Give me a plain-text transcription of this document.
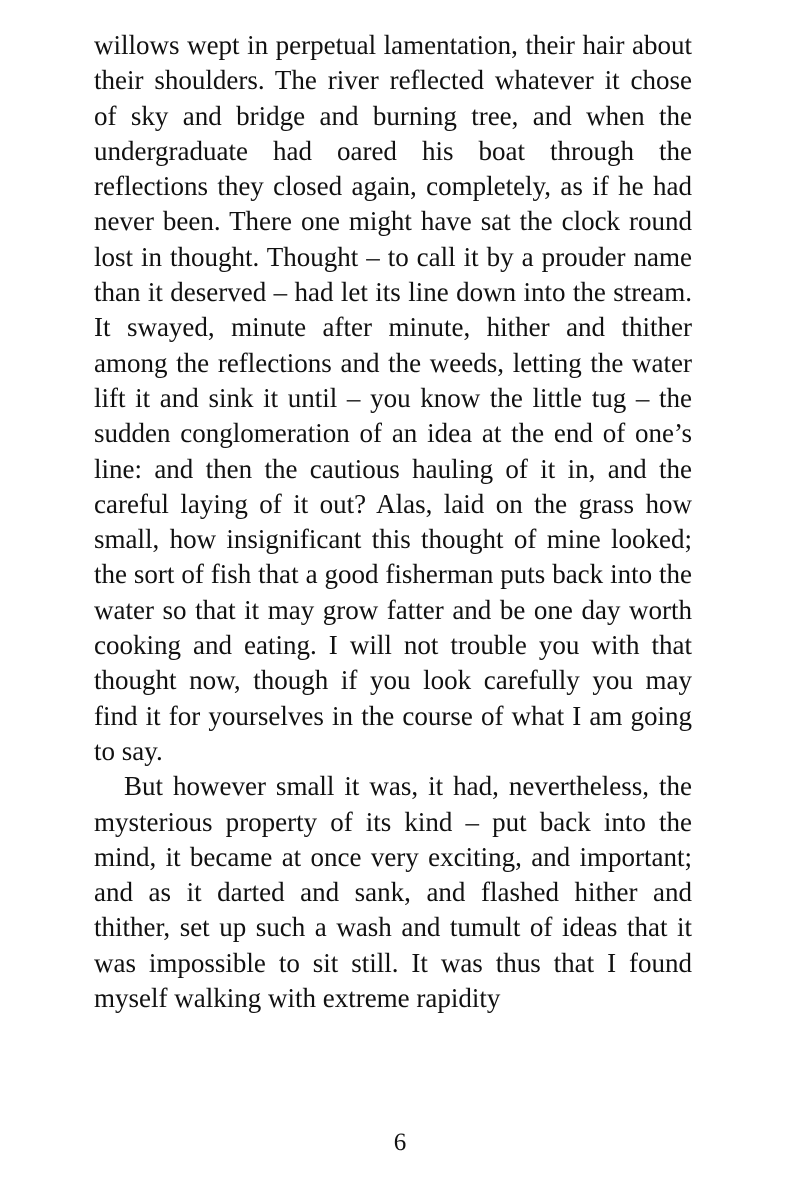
willows wept in perpetual lamentation, their hair about their shoulders. The river reflected whatever it chose of sky and bridge and burning tree, and when the undergraduate had oared his boat through the reflections they closed again, completely, as if he had never been. There one might have sat the clock round lost in thought. Thought – to call it by a prouder name than it deserved – had let its line down into the stream. It swayed, minute after minute, hither and thither among the reflections and the weeds, letting the water lift it and sink it until – you know the little tug – the sudden conglomeration of an idea at the end of one’s line: and then the cautious hauling of it in, and the careful laying of it out? Alas, laid on the grass how small, how insignificant this thought of mine looked; the sort of fish that a good fisherman puts back into the water so that it may grow fatter and be one day worth cooking and eating. I will not trouble you with that thought now, though if you look carefully you may find it for yourselves in the course of what I am going to say.

But however small it was, it had, nevertheless, the mysterious property of its kind – put back into the mind, it became at once very exciting, and important; and as it darted and sank, and flashed hither and thither, set up such a wash and tumult of ideas that it was impossible to sit still. It was thus that I found myself walking with extreme rapidity

6
